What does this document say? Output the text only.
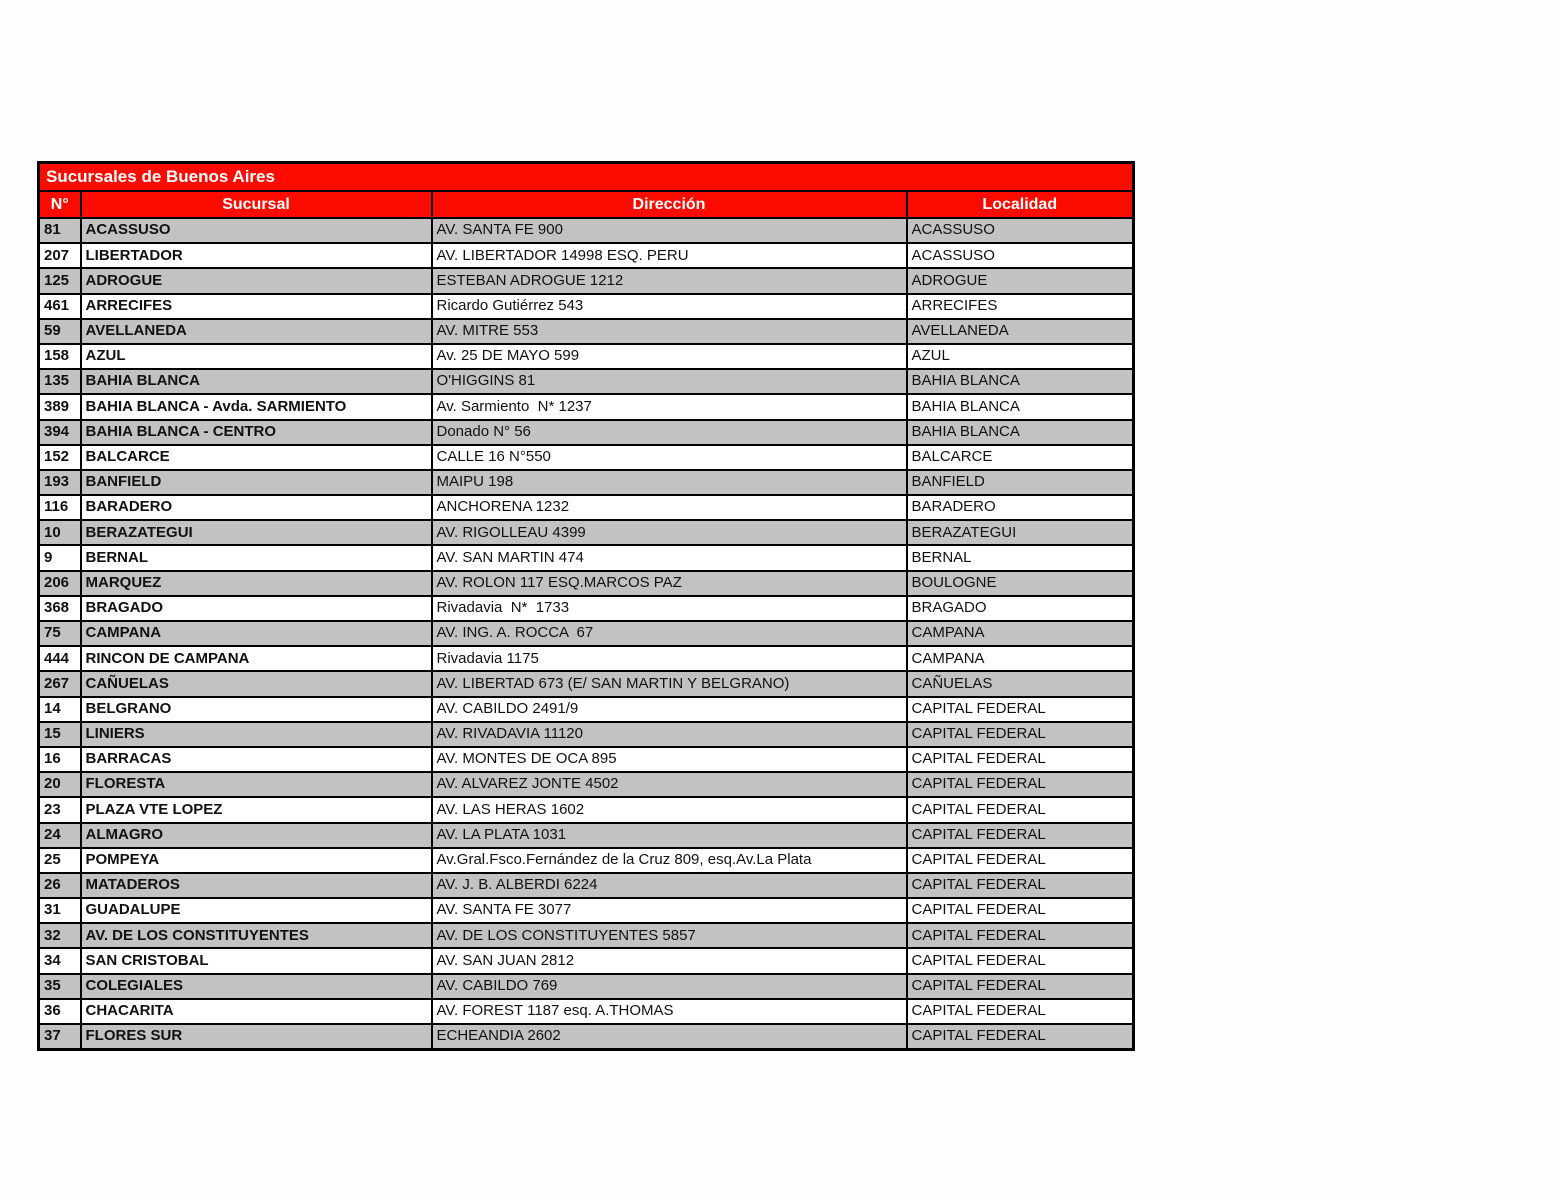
Sucursales de Buenos Aires			
N°	Sucursal	Dirección	Localidad
81	ACASSUSO	AV. SANTA FE 900	ACASSUSO
207	LIBERTADOR	AV. LIBERTADOR 14998 ESQ. PERU	ACASSUSO
125	ADROGUE	ESTEBAN ADROGUE 1212	ADROGUE
461	ARRECIFES	Ricardo Gutiérrez 543	ARRECIFES
59	AVELLANEDA	AV. MITRE 553	AVELLANEDA
158	AZUL	Av. 25 DE MAYO 599	AZUL
135	BAHIA BLANCA	O'HIGGINS 81	BAHIA BLANCA
389	BAHIA BLANCA - Avda. SARMIENTO	Av. Sarmiento  N* 1237	BAHIA BLANCA
394	BAHIA BLANCA - CENTRO	Donado N° 56	BAHIA BLANCA
152	BALCARCE	CALLE 16 N°550	BALCARCE
193	BANFIELD	MAIPU 198	BANFIELD
116	BARADERO	ANCHORENA 1232	BARADERO
10	BERAZATEGUI	AV. RIGOLLEAU 4399	BERAZATEGUI
9	BERNAL	AV. SAN MARTIN 474	BERNAL
206	MARQUEZ	AV. ROLON 117 ESQ.MARCOS PAZ	BOULOGNE
368	BRAGADO	Rivadavia  N*  1733	BRAGADO
75	CAMPANA	AV. ING. A. ROCCA  67	CAMPANA
444	RINCON DE CAMPANA	Rivadavia 1175	CAMPANA
267	CAÑUELAS	AV. LIBERTAD 673 (E/ SAN MARTIN Y BELGRANO)	CAÑUELAS
14	BELGRANO	AV. CABILDO 2491/9	CAPITAL FEDERAL
15	LINIERS	AV. RIVADAVIA 11120	CAPITAL FEDERAL
16	BARRACAS	AV. MONTES DE OCA 895	CAPITAL FEDERAL
20	FLORESTA	AV. ALVAREZ JONTE 4502	CAPITAL FEDERAL
23	PLAZA VTE LOPEZ	AV. LAS HERAS 1602	CAPITAL FEDERAL
24	ALMAGRO	AV. LA PLATA 1031	CAPITAL FEDERAL
25	POMPEYA	Av.Gral.Fsco.Fernández de la Cruz 809, esq.Av.La Plata	CAPITAL FEDERAL
26	MATADEROS	AV. J. B. ALBERDI 6224	CAPITAL FEDERAL
31	GUADALUPE	AV. SANTA FE 3077	CAPITAL FEDERAL
32	AV. DE LOS CONSTITUYENTES	AV. DE LOS CONSTITUYENTES 5857	CAPITAL FEDERAL
34	SAN CRISTOBAL	AV. SAN JUAN 2812	CAPITAL FEDERAL
35	COLEGIALES	AV. CABILDO 769	CAPITAL FEDERAL
36	CHACARITA	AV. FOREST 1187 esq. A.THOMAS	CAPITAL FEDERAL
37	FLORES SUR	ECHEANDIA 2602	CAPITAL FEDERAL
